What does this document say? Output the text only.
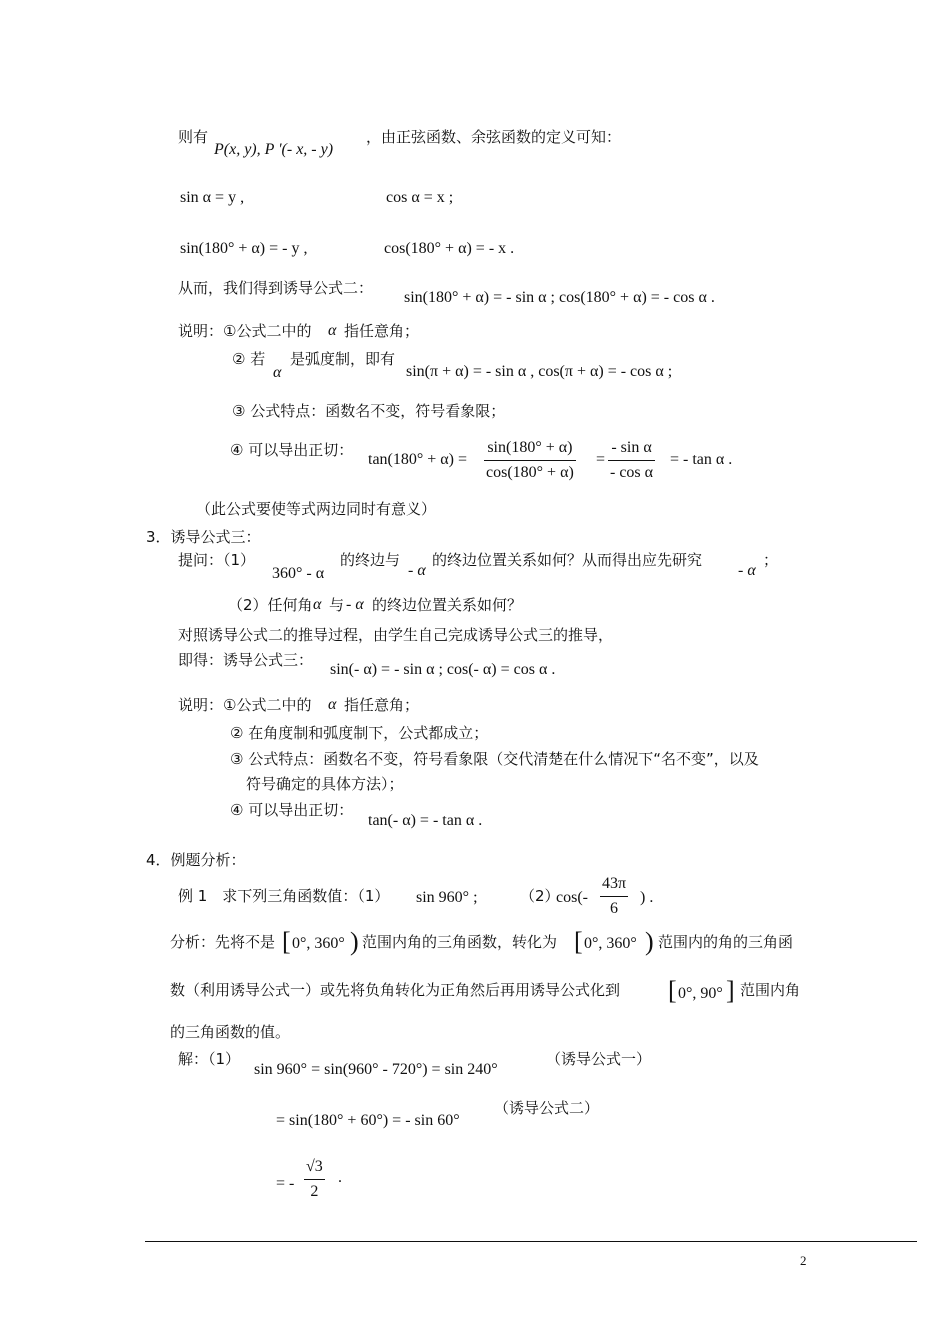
则有
P(x, y), P '(- x, - y)
，由正弦函数、余弦函数的定义可知：
sin α = y ,	cos α = x ;
sin(180° + α) = - y ,	cos(180° + α) = - x .
从而，我们得到诱导公式二：
sin(180° + α) = - sin α ; cos(180° + α) = - cos α .
说明：①公式二中的 α 指任意角；
② 若
α
是弧度制，即有
sin(π + α) = - sin α , cos(π + α) = - cos α ;
③ 公式特点：函数名不变，符号看象限；
④ 可以导出正切：
$\tan(180^\circ + \alpha) = \frac{\sin(180^\circ + \alpha)}{\cos(180^\circ + \alpha)} = \frac{\text{- sin α}}{\text{- cos α}}$ = - tan α .
（此公式要使等式两边同时有意义）
3．诱导公式三：
提问：（1）
360° - α
的终边与
- α
的终边位置关系如何？从而得出应先研究
- α
；
（2）任何角 α 与 - α 的终边位置关系如何？
对照诱导公式二的推导过程，由学生自己完成诱导公式三的推导，
即得：诱导公式三：
sin(- α) = - sin α ; cos(- α) = cos α .
说明：①公式二中的 α 指任意角；
② 在角度制和弧度制下，公式都成立；
③ 公式特点：函数名不变，符号看象限（交代清楚在什么情况下“名不变”，以及
符号确定的具体方法）；
④ 可以导出正切：
tan(- α) = - tan α .
4．例题分析：
例 1　求下列三角函数值：（1） sin 960° ;	（2）
$\cos(- \frac{43\pi}{6}$ ) .
分析：先将不是 [ 0°, 360° ) 范围内角的三角函数，转化为 [ 0°, 360° ) 范围内的角的三角函
数（利用诱导公式一）或先将负角转化为正角然后再用诱导公式化到 [ 0°, 90° ] 范围内角
的三角函数的值。
解：（1）
sin 960° = sin(960° - 720°) = sin 240°
（诱导公式一）
= sin(180° + 60°) = - sin 60°
（诱导公式二）
= - $\frac{√3}{2}$ .
2
